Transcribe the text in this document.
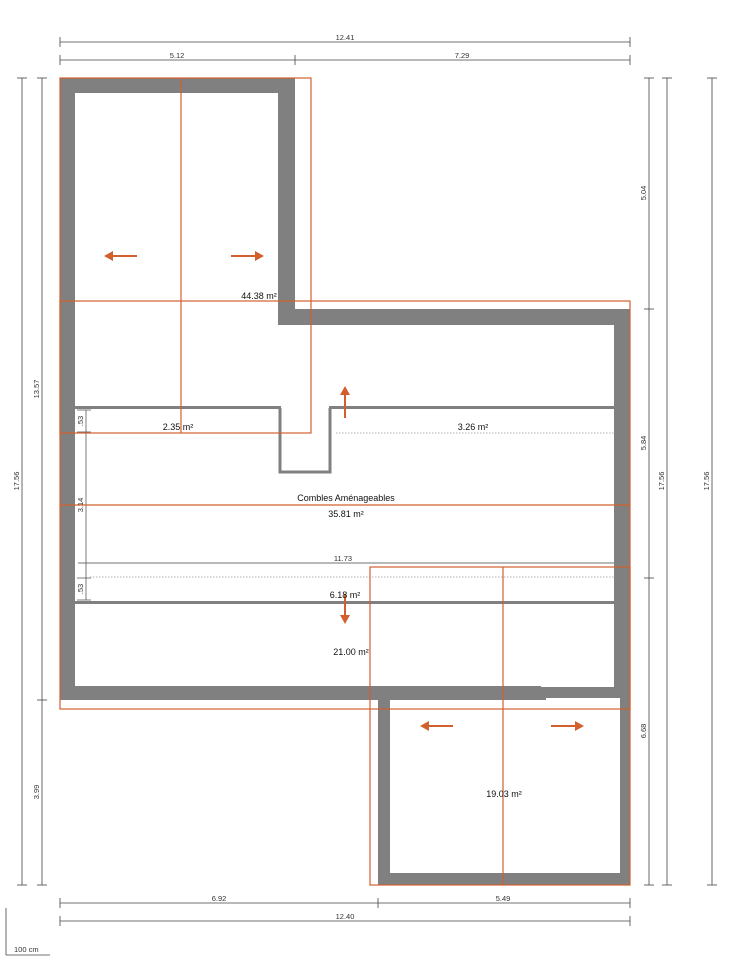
12.41
5.12	7.29
6.92	5.49
12.40
11.73
13.57
3.99
17.56
5.04
5.84
6.68
17.56	17.56
.53
3.14
.53
44.38 m²
2.35 m²	3.26 m²
Combles Aménageables
35.81 m²
6.18 m²
21.00 m²
19.03 m²
100 cm
